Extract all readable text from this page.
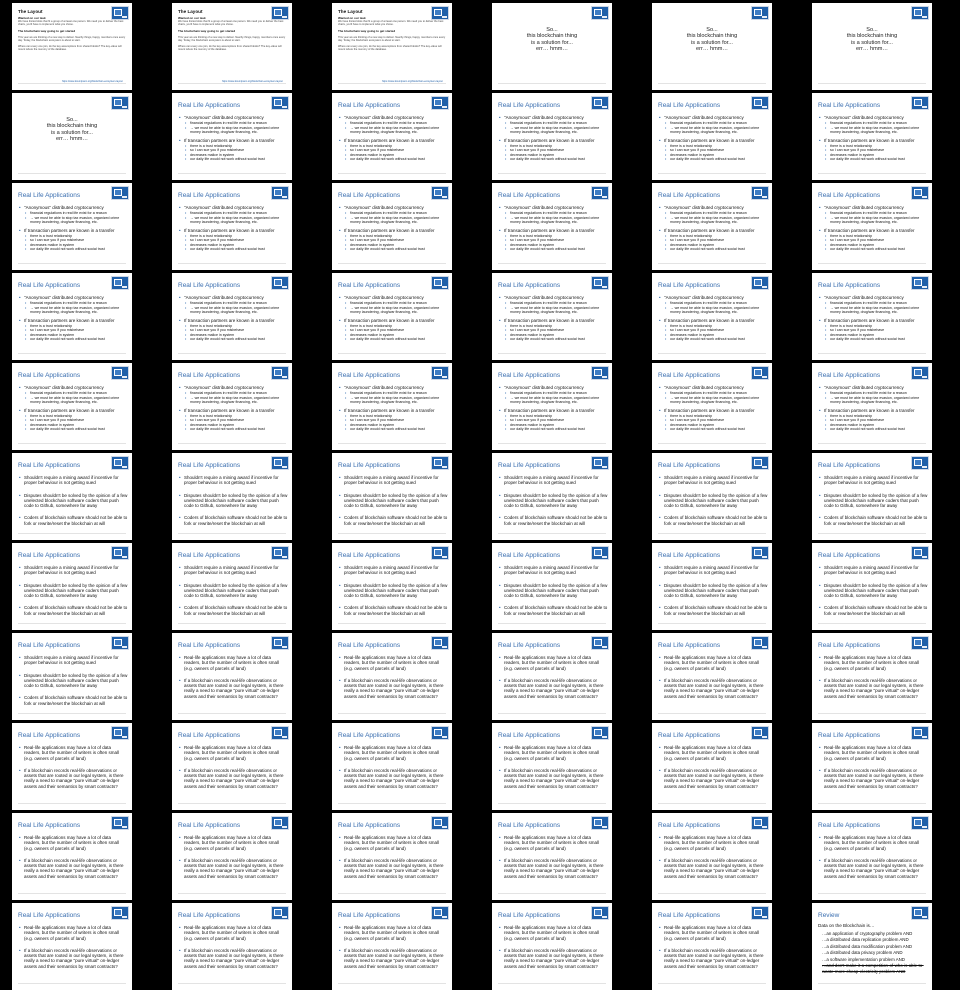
The Layout
Wanted on our task
We have limited slots that fit a group of at least one person. We need you to deliver the best chairs, you'll have to implement what you chose.
The blockchain way going to get started
This year we are thinking of a new way to deliver. Nearby things, happy, members once every day. Today, the blockchain ecosystem is about to start.
Where can every one join, do the key assumptions from shared blocks? The key-value will mount where the memory of the database.
https://www.loremipsum.org/blockchain-ecosystem-layout
The Layout
Wanted on our task
We have limited slots that fit a group of at least one person. We need you to deliver the best chairs, you'll have to implement what you chose.
The blockchain way going to get started
This year we are thinking of a new way to deliver. Nearby things, happy, members once every day. Today, the blockchain ecosystem is about to start.
Where can every one join, do the key assumptions from shared blocks? The key-value will mount where the memory of the database.
https://www.loremipsum.org/blockchain-ecosystem-layout
The Layout
Wanted on our task
We have limited slots that fit a group of at least one person. We need you to deliver the best chairs, you'll have to implement what you chose.
The blockchain way going to get started
This year we are thinking of a new way to deliver. Nearby things, happy, members once every day. Today, the blockchain ecosystem is about to start.
Where can every one join, do the key assumptions from shared blocks? The key-value will mount where the memory of the database.
https://www.loremipsum.org/blockchain-ecosystem-layout
So...
this blockchain thing
is a solution for...
err… hmm…
So...
this blockchain thing
is a solution for...
err… hmm…
So...
this blockchain thing
is a solution for...
err… hmm…
So...
this blockchain thing
is a solution for...
err… hmm…
Real Life Applications
• "Anonymous" distributed cryptocurrency
• financial regulations in real life exist for a reason
• → we must be able to stop tax evasion, organized crime money laundering, drug/war financing, etc.
• If transaction partners are known in a transfer
• there is a trust relationship
• so I can sue you if you misbehave
• decreases malice in system
• our daily life would not work without social trust
Real Life Applications
• "Anonymous" distributed cryptocurrency
• financial regulations in real life exist for a reason
• → we must be able to stop tax evasion, organized crime money laundering, drug/war financing, etc.
• If transaction partners are known in a transfer
• there is a trust relationship
• so I can sue you if you misbehave
• decreases malice in system
• our daily life would not work without social trust
Real Life Applications
• "Anonymous" distributed cryptocurrency
• financial regulations in real life exist for a reason
• → we must be able to stop tax evasion, organized crime money laundering, drug/war financing, etc.
• If transaction partners are known in a transfer
• there is a trust relationship
• so I can sue you if you misbehave
• decreases malice in system
• our daily life would not work without social trust
Real Life Applications
• "Anonymous" distributed cryptocurrency
• financial regulations in real life exist for a reason
• → we must be able to stop tax evasion, organized crime money laundering, drug/war financing, etc.
• If transaction partners are known in a transfer
• there is a trust relationship
• so I can sue you if you misbehave
• decreases malice in system
• our daily life would not work without social trust
Real Life Applications
• "Anonymous" distributed cryptocurrency
• financial regulations in real life exist for a reason
• → we must be able to stop tax evasion, organized crime money laundering, drug/war financing, etc.
• If transaction partners are known in a transfer
• there is a trust relationship
• so I can sue you if you misbehave
• decreases malice in system
• our daily life would not work without social trust
Real Life Applications
• "Anonymous" distributed cryptocurrency
• financial regulations in real life exist for a reason
• → we must be able to stop tax evasion, organized crime money laundering, drug/war financing, etc.
• If transaction partners are known in a transfer
• there is a trust relationship
• so I can sue you if you misbehave
• decreases malice in system
• our daily life would not work without social trust
Real Life Applications
• "Anonymous" distributed cryptocurrency
• financial regulations in real life exist for a reason
• → we must be able to stop tax evasion, organized crime money laundering, drug/war financing, etc.
• If transaction partners are known in a transfer
• there is a trust relationship
• so I can sue you if you misbehave
• decreases malice in system
• our daily life would not work without social trust
Real Life Applications
• "Anonymous" distributed cryptocurrency
• financial regulations in real life exist for a reason
• → we must be able to stop tax evasion, organized crime money laundering, drug/war financing, etc.
• If transaction partners are known in a transfer
• there is a trust relationship
• so I can sue you if you misbehave
• decreases malice in system
• our daily life would not work without social trust
Real Life Applications
• "Anonymous" distributed cryptocurrency
• financial regulations in real life exist for a reason
• → we must be able to stop tax evasion, organized crime money laundering, drug/war financing, etc.
• If transaction partners are known in a transfer
• there is a trust relationship
• so I can sue you if you misbehave
• decreases malice in system
• our daily life would not work without social trust
Real Life Applications
• "Anonymous" distributed cryptocurrency
• financial regulations in real life exist for a reason
• → we must be able to stop tax evasion, organized crime money laundering, drug/war financing, etc.
• If transaction partners are known in a transfer
• there is a trust relationship
• so I can sue you if you misbehave
• decreases malice in system
• our daily life would not work without social trust
Real Life Applications
• "Anonymous" distributed cryptocurrency
• financial regulations in real life exist for a reason
• → we must be able to stop tax evasion, organized crime money laundering, drug/war financing, etc.
• If transaction partners are known in a transfer
• there is a trust relationship
• so I can sue you if you misbehave
• decreases malice in system
• our daily life would not work without social trust
Real Life Applications
• "Anonymous" distributed cryptocurrency
• financial regulations in real life exist for a reason
• → we must be able to stop tax evasion, organized crime money laundering, drug/war financing, etc.
• If transaction partners are known in a transfer
• there is a trust relationship
• so I can sue you if you misbehave
• decreases malice in system
• our daily life would not work without social trust
Real Life Applications
• "Anonymous" distributed cryptocurrency
• financial regulations in real life exist for a reason
• → we must be able to stop tax evasion, organized crime money laundering, drug/war financing, etc.
• If transaction partners are known in a transfer
• there is a trust relationship
• so I can sue you if you misbehave
• decreases malice in system
• our daily life would not work without social trust
Real Life Applications
• "Anonymous" distributed cryptocurrency
• financial regulations in real life exist for a reason
• → we must be able to stop tax evasion, organized crime money laundering, drug/war financing, etc.
• If transaction partners are known in a transfer
• there is a trust relationship
• so I can sue you if you misbehave
• decreases malice in system
• our daily life would not work without social trust
Real Life Applications
• "Anonymous" distributed cryptocurrency
• financial regulations in real life exist for a reason
• → we must be able to stop tax evasion, organized crime money laundering, drug/war financing, etc.
• If transaction partners are known in a transfer
• there is a trust relationship
• so I can sue you if you misbehave
• decreases malice in system
• our daily life would not work without social trust
Real Life Applications
• "Anonymous" distributed cryptocurrency
• financial regulations in real life exist for a reason
• → we must be able to stop tax evasion, organized crime money laundering, drug/war financing, etc.
• If transaction partners are known in a transfer
• there is a trust relationship
• so I can sue you if you misbehave
• decreases malice in system
• our daily life would not work without social trust
Real Life Applications
• "Anonymous" distributed cryptocurrency
• financial regulations in real life exist for a reason
• → we must be able to stop tax evasion, organized crime money laundering, drug/war financing, etc.
• If transaction partners are known in a transfer
• there is a trust relationship
• so I can sue you if you misbehave
• decreases malice in system
• our daily life would not work without social trust
Real Life Applications
• "Anonymous" distributed cryptocurrency
• financial regulations in real life exist for a reason
• → we must be able to stop tax evasion, organized crime money laundering, drug/war financing, etc.
• If transaction partners are known in a transfer
• there is a trust relationship
• so I can sue you if you misbehave
• decreases malice in system
• our daily life would not work without social trust
Real Life Applications
• "Anonymous" distributed cryptocurrency
• financial regulations in real life exist for a reason
• → we must be able to stop tax evasion, organized crime money laundering, drug/war financing, etc.
• If transaction partners are known in a transfer
• there is a trust relationship
• so I can sue you if you misbehave
• decreases malice in system
• our daily life would not work without social trust
Real Life Applications
• "Anonymous" distributed cryptocurrency
• financial regulations in real life exist for a reason
• → we must be able to stop tax evasion, organized crime money laundering, drug/war financing, etc.
• If transaction partners are known in a transfer
• there is a trust relationship
• so I can sue you if you misbehave
• decreases malice in system
• our daily life would not work without social trust
Real Life Applications
• "Anonymous" distributed cryptocurrency
• financial regulations in real life exist for a reason
• → we must be able to stop tax evasion, organized crime money laundering, drug/war financing, etc.
• If transaction partners are known in a transfer
• there is a trust relationship
• so I can sue you if you misbehave
• decreases malice in system
• our daily life would not work without social trust
Real Life Applications
• "Anonymous" distributed cryptocurrency
• financial regulations in real life exist for a reason
• → we must be able to stop tax evasion, organized crime money laundering, drug/war financing, etc.
• If transaction partners are known in a transfer
• there is a trust relationship
• so I can sue you if you misbehave
• decreases malice in system
• our daily life would not work without social trust
Real Life Applications
• "Anonymous" distributed cryptocurrency
• financial regulations in real life exist for a reason
• → we must be able to stop tax evasion, organized crime money laundering, drug/war financing, etc.
• If transaction partners are known in a transfer
• there is a trust relationship
• so I can sue you if you misbehave
• decreases malice in system
• our daily life would not work without social trust
Real Life Applications
• Shouldn't require a mining award if incentive for proper behaviour is not getting sued
• Disputes shouldn't be solved by the opinion of a few unelected blockchain software coders that push code to Github, somewhere far away
• Coders of blockchain software should not be able to fork or rewrite/reset the blockchain at will
Real Life Applications
• Shouldn't require a mining award if incentive for proper behaviour is not getting sued
• Disputes shouldn't be solved by the opinion of a few unelected blockchain software coders that push code to Github, somewhere far away
• Coders of blockchain software should not be able to fork or rewrite/reset the blockchain at will
Real Life Applications
• Shouldn't require a mining award if incentive for proper behaviour is not getting sued
• Disputes shouldn't be solved by the opinion of a few unelected blockchain software coders that push code to Github, somewhere far away
• Coders of blockchain software should not be able to fork or rewrite/reset the blockchain at will
Real Life Applications
• Shouldn't require a mining award if incentive for proper behaviour is not getting sued
• Disputes shouldn't be solved by the opinion of a few unelected blockchain software coders that push code to Github, somewhere far away
• Coders of blockchain software should not be able to fork or rewrite/reset the blockchain at will
Real Life Applications
• Shouldn't require a mining award if incentive for proper behaviour is not getting sued
• Disputes shouldn't be solved by the opinion of a few unelected blockchain software coders that push code to Github, somewhere far away
• Coders of blockchain software should not be able to fork or rewrite/reset the blockchain at will
Real Life Applications
• Shouldn't require a mining award if incentive for proper behaviour is not getting sued
• Disputes shouldn't be solved by the opinion of a few unelected blockchain software coders that push code to Github, somewhere far away
• Coders of blockchain software should not be able to fork or rewrite/reset the blockchain at will
Real Life Applications
• Shouldn't require a mining award if incentive for proper behaviour is not getting sued
• Disputes shouldn't be solved by the opinion of a few unelected blockchain software coders that push code to Github, somewhere far away
• Coders of blockchain software should not be able to fork or rewrite/reset the blockchain at will
Real Life Applications
• Shouldn't require a mining award if incentive for proper behaviour is not getting sued
• Disputes shouldn't be solved by the opinion of a few unelected blockchain software coders that push code to Github, somewhere far away
• Coders of blockchain software should not be able to fork or rewrite/reset the blockchain at will
Real Life Applications
• Shouldn't require a mining award if incentive for proper behaviour is not getting sued
• Disputes shouldn't be solved by the opinion of a few unelected blockchain software coders that push code to Github, somewhere far away
• Coders of blockchain software should not be able to fork or rewrite/reset the blockchain at will
Real Life Applications
• Shouldn't require a mining award if incentive for proper behaviour is not getting sued
• Disputes shouldn't be solved by the opinion of a few unelected blockchain software coders that push code to Github, somewhere far away
• Coders of blockchain software should not be able to fork or rewrite/reset the blockchain at will
Real Life Applications
• Shouldn't require a mining award if incentive for proper behaviour is not getting sued
• Disputes shouldn't be solved by the opinion of a few unelected blockchain software coders that push code to Github, somewhere far away
• Coders of blockchain software should not be able to fork or rewrite/reset the blockchain at will
Real Life Applications
• Shouldn't require a mining award if incentive for proper behaviour is not getting sued
• Disputes shouldn't be solved by the opinion of a few unelected blockchain software coders that push code to Github, somewhere far away
• Coders of blockchain software should not be able to fork or rewrite/reset the blockchain at will
Real Life Applications
• Shouldn't require a mining award if incentive for proper behaviour is not getting sued
• Disputes shouldn't be solved by the opinion of a few unelected blockchain software coders that push code to Github, somewhere far away
• Coders of blockchain software should not be able to fork or rewrite/reset the blockchain at will
Real Life Applications
• Real-life applications may have a lot of data readers, but the number of writers is often small (e.g. owners of parcels of land)
• If a blockchain records real-life observations or assets that are rooted in our legal system, is there really a need to manage "pure virtual" on-ledger assets and their semantics by smart contracts?
Real Life Applications
• Real-life applications may have a lot of data readers, but the number of writers is often small (e.g. owners of parcels of land)
• If a blockchain records real-life observations or assets that are rooted in our legal system, is there really a need to manage "pure virtual" on-ledger assets and their semantics by smart contracts?
Real Life Applications
• Real-life applications may have a lot of data readers, but the number of writers is often small (e.g. owners of parcels of land)
• If a blockchain records real-life observations or assets that are rooted in our legal system, is there really a need to manage "pure virtual" on-ledger assets and their semantics by smart contracts?
Real Life Applications
• Real-life applications may have a lot of data readers, but the number of writers is often small (e.g. owners of parcels of land)
• If a blockchain records real-life observations or assets that are rooted in our legal system, is there really a need to manage "pure virtual" on-ledger assets and their semantics by smart contracts?
Real Life Applications
• Real-life applications may have a lot of data readers, but the number of writers is often small (e.g. owners of parcels of land)
• If a blockchain records real-life observations or assets that are rooted in our legal system, is there really a need to manage "pure virtual" on-ledger assets and their semantics by smart contracts?
Real Life Applications
• Real-life applications may have a lot of data readers, but the number of writers is often small (e.g. owners of parcels of land)
• If a blockchain records real-life observations or assets that are rooted in our legal system, is there really a need to manage "pure virtual" on-ledger assets and their semantics by smart contracts?
Real Life Applications
• Real-life applications may have a lot of data readers, but the number of writers is often small (e.g. owners of parcels of land)
• If a blockchain records real-life observations or assets that are rooted in our legal system, is there really a need to manage "pure virtual" on-ledger assets and their semantics by smart contracts?
Real Life Applications
• Real-life applications may have a lot of data readers, but the number of writers is often small (e.g. owners of parcels of land)
• If a blockchain records real-life observations or assets that are rooted in our legal system, is there really a need to manage "pure virtual" on-ledger assets and their semantics by smart contracts?
Real Life Applications
• Real-life applications may have a lot of data readers, but the number of writers is often small (e.g. owners of parcels of land)
• If a blockchain records real-life observations or assets that are rooted in our legal system, is there really a need to manage "pure virtual" on-ledger assets and their semantics by smart contracts?
Real Life Applications
• Real-life applications may have a lot of data readers, but the number of writers is often small (e.g. owners of parcels of land)
• If a blockchain records real-life observations or assets that are rooted in our legal system, is there really a need to manage "pure virtual" on-ledger assets and their semantics by smart contracts?
Real Life Applications
• Real-life applications may have a lot of data readers, but the number of writers is often small (e.g. owners of parcels of land)
• If a blockchain records real-life observations or assets that are rooted in our legal system, is there really a need to manage "pure virtual" on-ledger assets and their semantics by smart contracts?
Real Life Applications
• Real-life applications may have a lot of data readers, but the number of writers is often small (e.g. owners of parcels of land)
• If a blockchain records real-life observations or assets that are rooted in our legal system, is there really a need to manage "pure virtual" on-ledger assets and their semantics by smart contracts?
Real Life Applications
• Real-life applications may have a lot of data readers, but the number of writers is often small (e.g. owners of parcels of land)
• If a blockchain records real-life observations or assets that are rooted in our legal system, is there really a need to manage "pure virtual" on-ledger assets and their semantics by smart contracts?
Real Life Applications
• Real-life applications may have a lot of data readers, but the number of writers is often small (e.g. owners of parcels of land)
• If a blockchain records real-life observations or assets that are rooted in our legal system, is there really a need to manage "pure virtual" on-ledger assets and their semantics by smart contracts?
Real Life Applications
• Real-life applications may have a lot of data readers, but the number of writers is often small (e.g. owners of parcels of land)
• If a blockchain records real-life observations or assets that are rooted in our legal system, is there really a need to manage "pure virtual" on-ledger assets and their semantics by smart contracts?
Real Life Applications
• Real-life applications may have a lot of data readers, but the number of writers is often small (e.g. owners of parcels of land)
• If a blockchain records real-life observations or assets that are rooted in our legal system, is there really a need to manage "pure virtual" on-ledger assets and their semantics by smart contracts?
Real Life Applications
• Real-life applications may have a lot of data readers, but the number of writers is often small (e.g. owners of parcels of land)
• If a blockchain records real-life observations or assets that are rooted in our legal system, is there really a need to manage "pure virtual" on-ledger assets and their semantics by smart contracts?
Real Life Applications
• Real-life applications may have a lot of data readers, but the number of writers is often small (e.g. owners of parcels of land)
• If a blockchain records real-life observations or assets that are rooted in our legal system, is there really a need to manage "pure virtual" on-ledger assets and their semantics by smart contracts?
Real Life Applications
• Real-life applications may have a lot of data readers, but the number of writers is often small (e.g. owners of parcels of land)
• If a blockchain records real-life observations or assets that are rooted in our legal system, is there really a need to manage "pure virtual" on-ledger assets and their semantics by smart contracts?
Real Life Applications
• Real-life applications may have a lot of data readers, but the number of writers is often small (e.g. owners of parcels of land)
• If a blockchain records real-life observations or assets that are rooted in our legal system, is there really a need to manage "pure virtual" on-ledger assets and their semantics by smart contracts?
Real Life Applications
• Real-life applications may have a lot of data readers, but the number of writers is often small (e.g. owners of parcels of land)
• If a blockchain records real-life observations or assets that are rooted in our legal system, is there really a need to manage "pure virtual" on-ledger assets and their semantics by smart contracts?
Real Life Applications
• Real-life applications may have a lot of data readers, but the number of writers is often small (e.g. owners of parcels of land)
• If a blockchain records real-life observations or assets that are rooted in our legal system, is there really a need to manage "pure virtual" on-ledger assets and their semantics by smart contracts?
Review
Data on the Blockchain is…
…an application of cryptography problem AND
…a distributed data replication problem AND
…a distributed data modification problem AND
…a distributed data privacy problem AND
…a software implementation problem AND
…and don't-make-it-a-competition-of-who-is-able-to-waste-more-cheap-electricity problem AND
